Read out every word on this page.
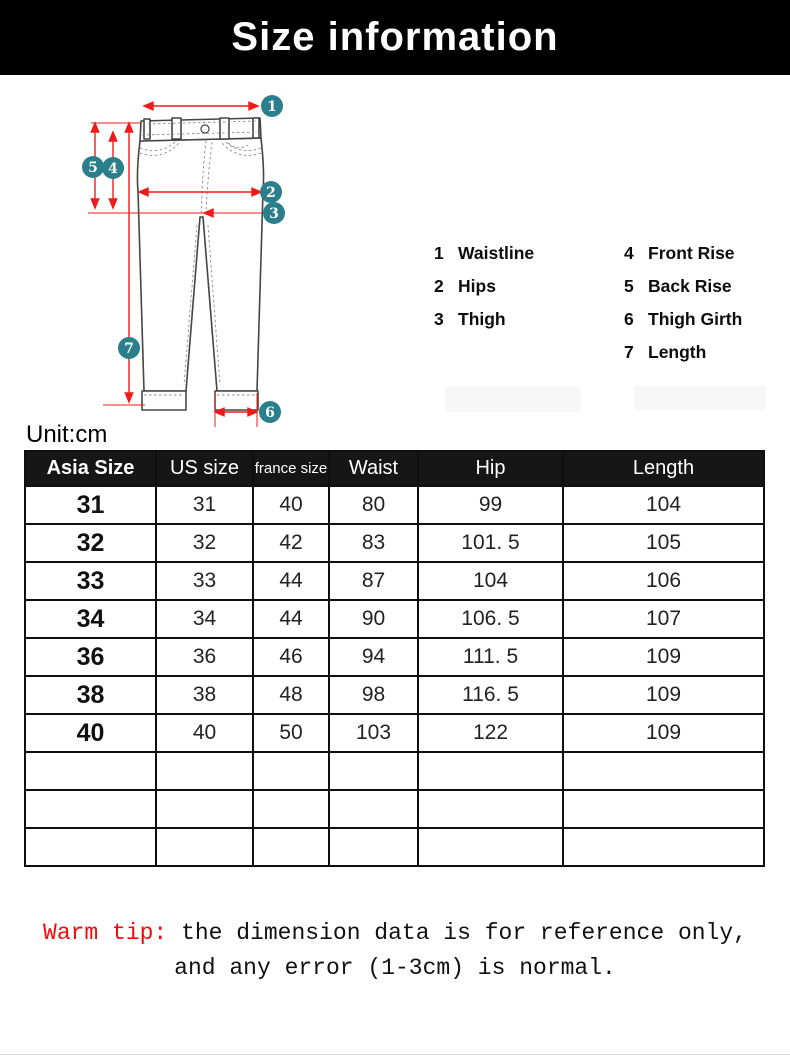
Size information
1
2
3
4
5
6
7
1 Waistline
2 Hips
3 Thigh
4 Front Rise
5 Back Rise
6 Thigh Girth
7 Length
Unit:cm
Asia Size	US size	france size	Waist	Hip	Length
31	31	40	80	99	104
32	32	42	83	101. 5	105
33	33	44	87	104	106
34	34	44	90	106. 5	107
36	36	46	94	111. 5	109
38	38	48	98	116. 5	109
40	40	50	103	122	109

Warm tip: the dimension data is for reference only,
and any error (1-3cm) is normal.
